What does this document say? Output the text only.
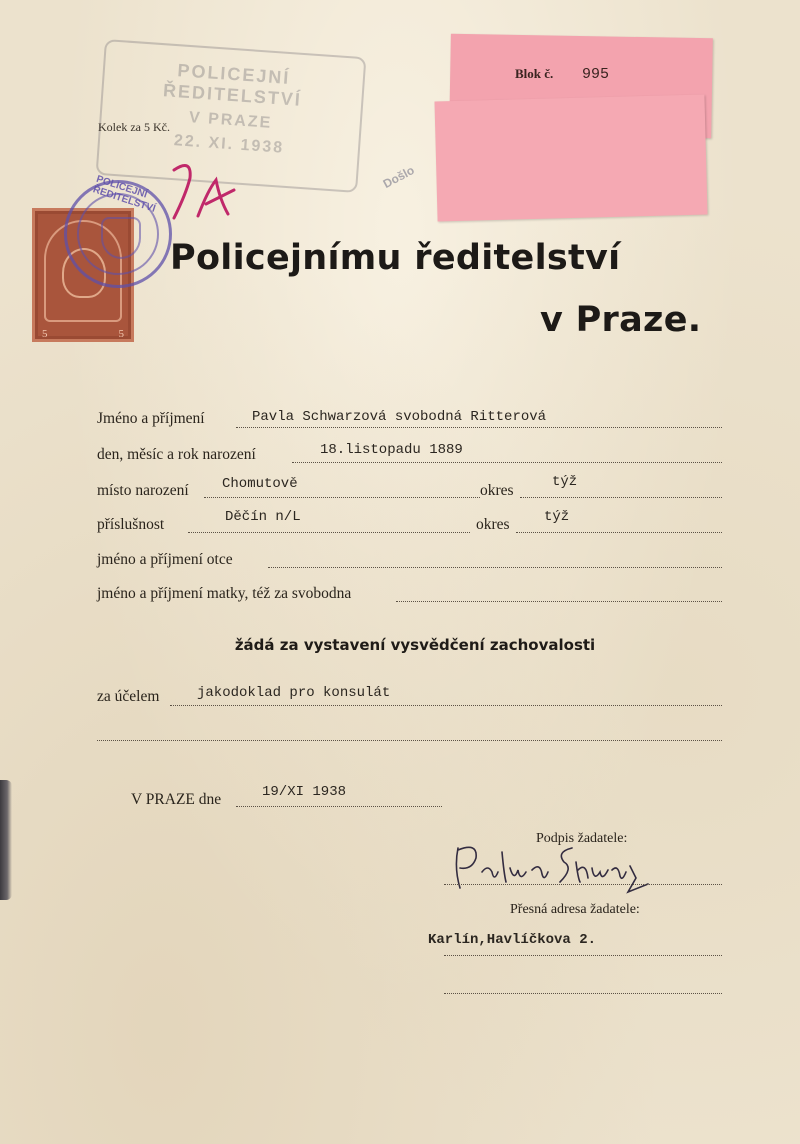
POLICEJNÍ ŘEDITELSTVÍ
V PRAZE
22. XI. 1938
Kolek za 5 Kč.
5	5
POLICEJNÍ ŘEDITELSTVÍ
Došlo
Blok č. 995
Policejnímu ředitelství
v Praze.
Jméno a příjmení	Pavla Schwarzová svobodná Ritterová
den, měsíc a rok narození	18.listopadu 1889
místo narození Chomutově	okres	týž
příslušnost	Děčín n/L	okres týž
jméno a příjmení otce
jméno a příjmení matky, též za svobodna
žádá za vystavení vysvědčení zachovalosti
za účelem	jakodoklad pro konsulát
V PRAZE dne	19/XI 1938
Podpis žadatele:
Přesná adresa žadatele:
Karlín,Havlíčkova 2.
